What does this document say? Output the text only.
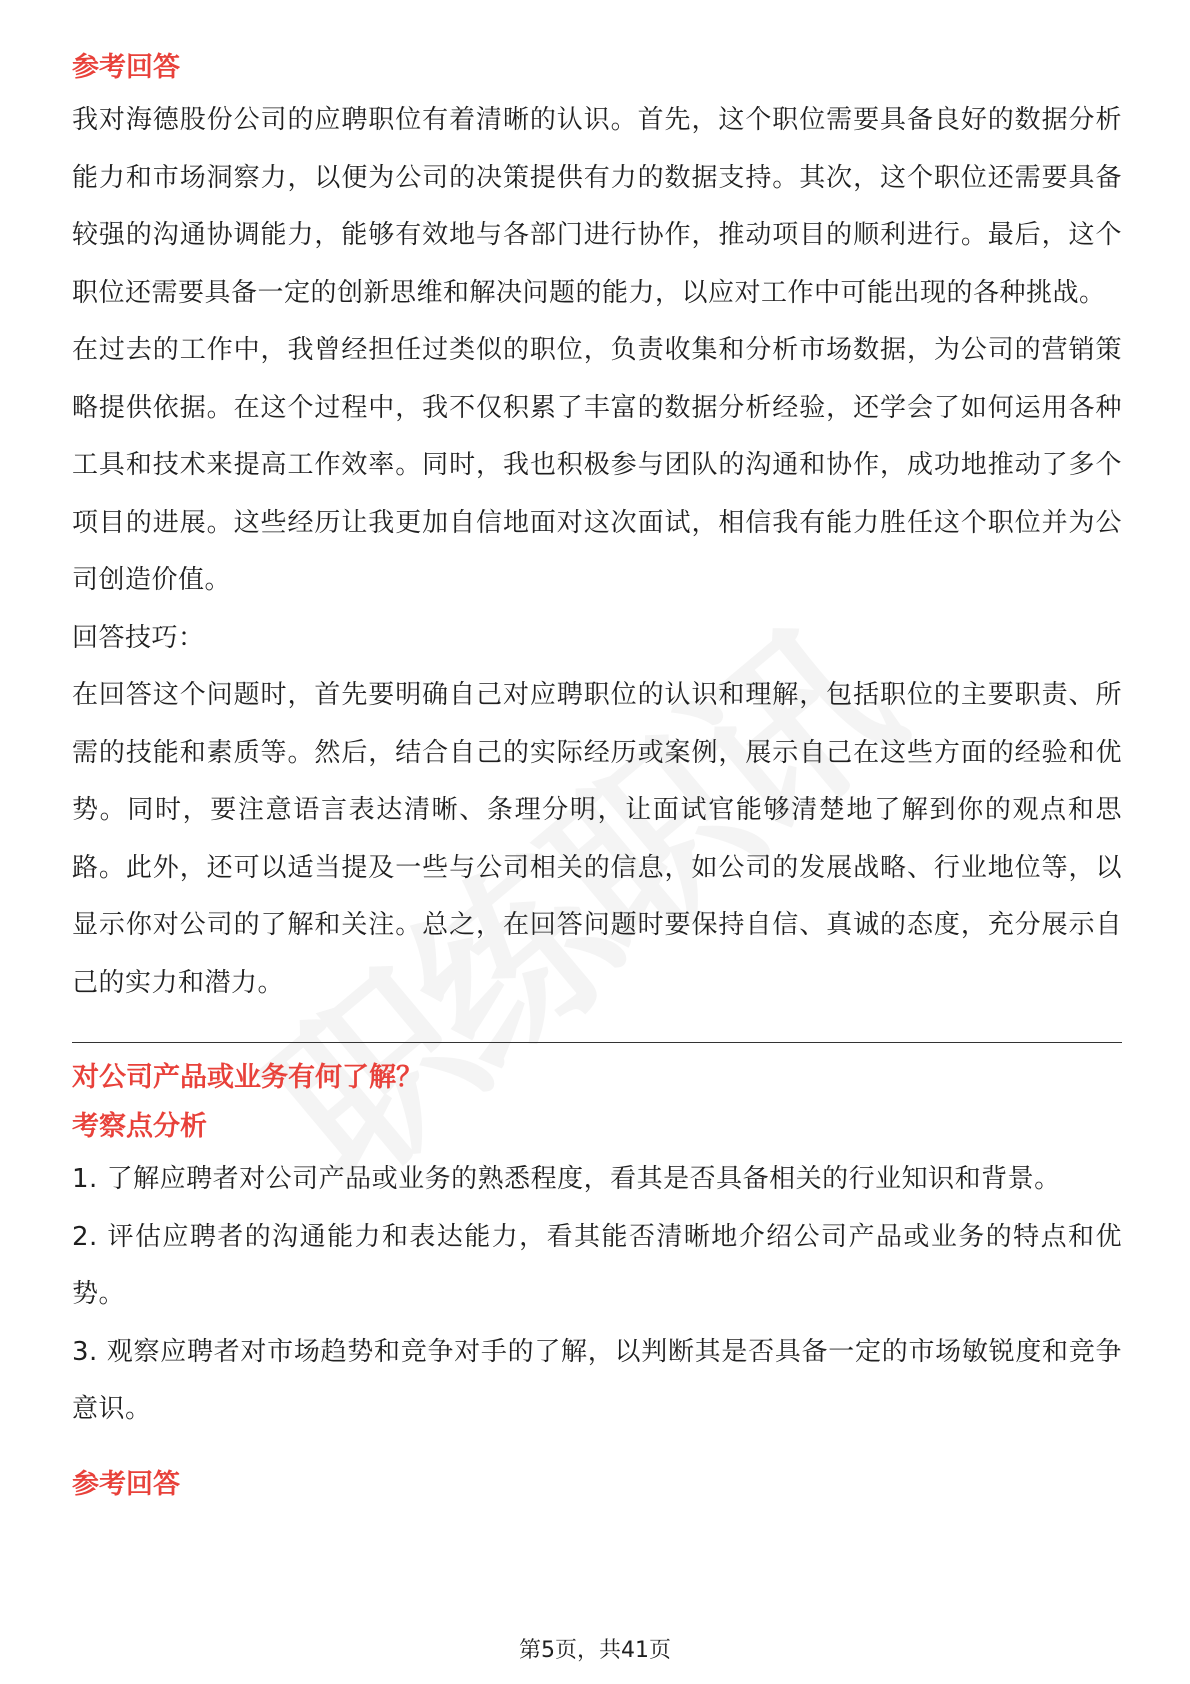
参考回答

我对海德股份公司的应聘职位有着清晰的认识。首先，这个职位需要具备良好的数据分析能力和市场洞察力，以便为公司的决策提供有力的数据支持。其次，这个职位还需要具备较强的沟通协调能力，能够有效地与各部门进行协作，推动项目的顺利进行。最后，这个职位还需要具备一定的创新思维和解决问题的能力，以应对工作中可能出现的各种挑战。

在过去的工作中，我曾经担任过类似的职位，负责收集和分析市场数据，为公司的营销策略提供依据。在这个过程中，我不仅积累了丰富的数据分析经验，还学会了如何运用各种工具和技术来提高工作效率。同时，我也积极参与团队的沟通和协作，成功地推动了多个项目的进展。这些经历让我更加自信地面对这次面试，相信我有能力胜任这个职位并为公司创造价值。

回答技巧：

在回答这个问题时，首先要明确自己对应聘职位的认识和理解，包括职位的主要职责、所需的技能和素质等。然后，结合自己的实际经历或案例，展示自己在这些方面的经验和优势。同时，要注意语言表达清晰、条理分明，让面试官能够清楚地了解到你的观点和思路。此外，还可以适当提及一些与公司相关的信息，如公司的发展战略、行业地位等，以显示你对公司的了解和关注。总之，在回答问题时要保持自信、真诚的态度，充分展示自己的实力和潜力。

对公司产品或业务有何了解？
考察点分析

1. 了解应聘者对公司产品或业务的熟悉程度，看其是否具备相关的行业知识和背景。

2. 评估应聘者的沟通能力和表达能力，看其能否清晰地介绍公司产品或业务的特点和优势。

3. 观察应聘者对市场趋势和竞争对手的了解，以判断其是否具备一定的市场敏锐度和竞争意识。

参考回答
第5页，共41页
